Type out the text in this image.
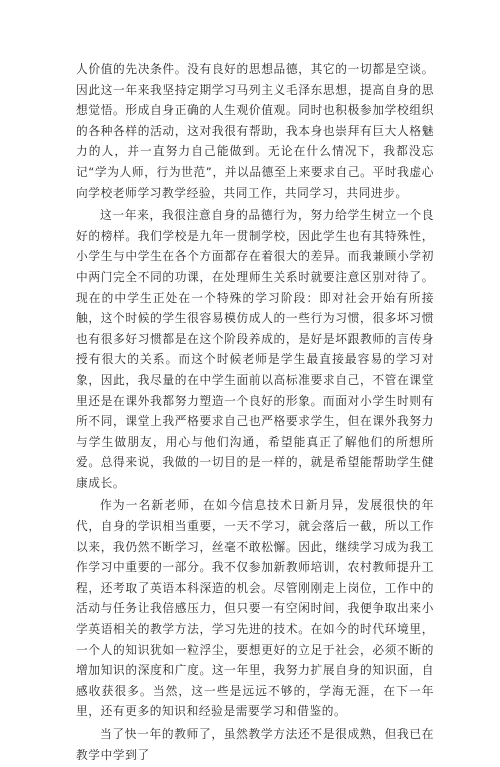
人价值的先决条件。没有良好的思想品德，其它的一切都是空谈。因此这一年来我坚持定期学习马列主义毛泽东思想，提高自身的思想觉悟。形成自身正确的人生观价值观。同时也积极参加学校组织的各种各样的活动，这对我很有帮助，我本身也崇拜有巨大人格魅力的人，并一直努力自己能做到。无论在什么情况下，我都没忘记“学为人师，行为世范”，并以品德至上来要求自己。平时我虚心向学校老师学习教学经验，共同工作，共同学习，共同进步。

这一年来，我很注意自身的品德行为，努力给学生树立一个良好的榜样。我们学校是九年一贯制学校，因此学生也有其特殊性，小学生与中学生在各个方面都存在着很大的差异。而我兼顾小学初中两门完全不同的功课，在处理师生关系时就要注意区别对待了。现在的中学生正处在一个特殊的学习阶段：即对社会开始有所接触，这个时候的学生很容易模仿成人的一些行为习惯，很多坏习惯也有很多好习惯都是在这个阶段养成的，是好是坏跟教师的言传身授有很大的关系。而这个时候老师是学生最直接最容易的学习对象，因此，我尽量的在中学生面前以高标准要求自己，不管在课堂里还是在课外我都努力塑造一个良好的形象。而面对小学生时则有所不同，课堂上我严格要求自己也严格要求学生，但在课外我努力与学生做朋友，用心与他们沟通，希望能真正了解他们的所想所爱。总得来说，我做的一切目的是一样的，就是希望能帮助学生健康成长。

作为一名新老师，在如今信息技术日新月异，发展很快的年代，自身的学识相当重要，一天不学习，就会落后一截，所以工作以来，我仍然不断学习，丝毫不敢松懈。因此，继续学习成为我工作学习中重要的一部分。我不仅参加新教师培训，农村教师提升工程，还考取了英语本科深造的机会。尽管刚刚走上岗位，工作中的活动与任务让我倍感压力，但只要一有空闲时间，我便争取出来小学英语相关的教学方法，学习先进的技术。在如今的时代环境里，一个人的知识犹如一粒浮尘，要想更好的立足于社会，必须不断的增加知识的深度和广度。这一年里，我努力扩展自身的知识面，自感收获很多。当然，这一些是远远不够的，学海无涯，在下一年里，还有更多的知识和经验是需要学习和借鉴的。

当了快一年的教师了，虽然教学方法还不是很成熟，但我已在教学中学到了
